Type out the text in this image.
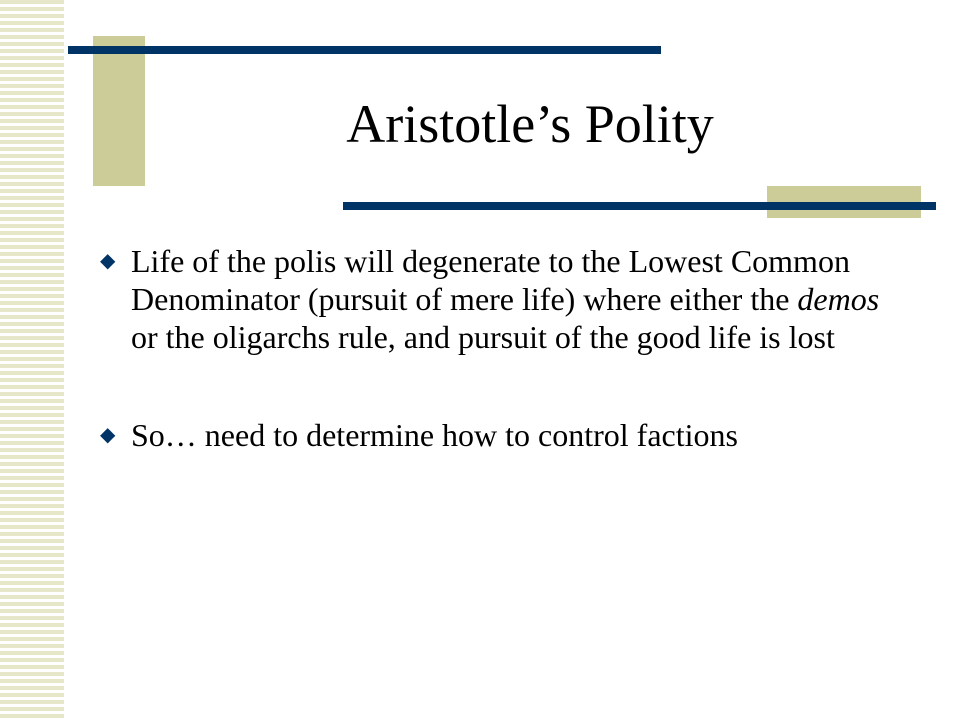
Aristotle’s Polity
◆ Life of the polis will degenerate to the Lowest Common Denominator (pursuit of mere life) where either the demos or the oligarchs rule, and pursuit of the good life is lost
◆ So… need to determine how to control factions
